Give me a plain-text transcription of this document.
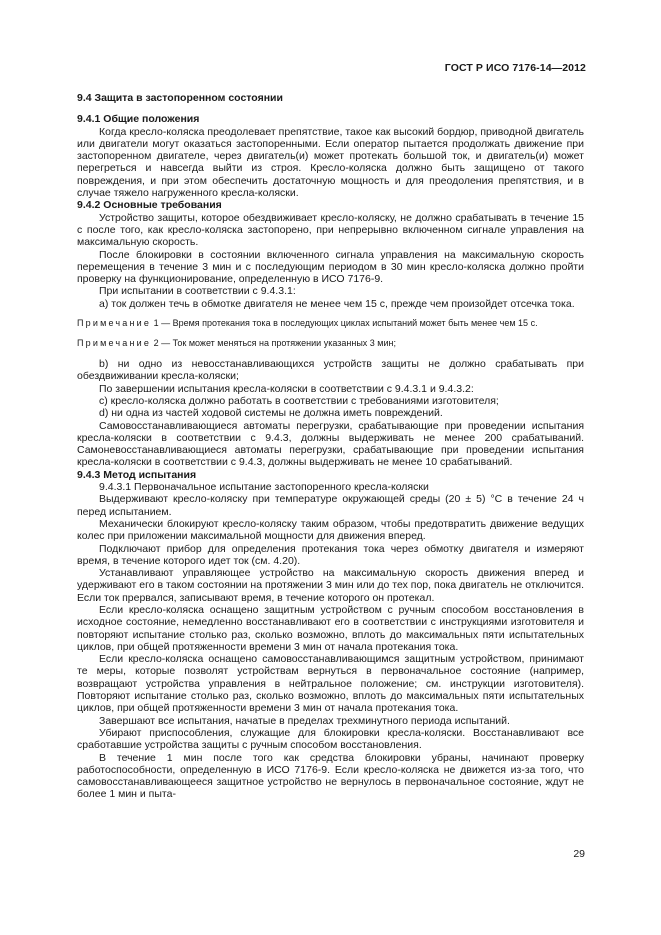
ГОСТ Р ИСО 7176-14—2012
9.4 Защита в застопоренном состоянии
9.4.1 Общие положения

Когда кресло-коляска преодолевает препятствие, такое как высокий бордюр, приводной двигатель или двигатели могут оказаться застопоренными. Если оператор пытается продолжать движение при застопоренном двигателе, через двигатель(и) может протекать большой ток, и двигатель(и) может перегреться и навсегда выйти из строя. Кресло-коляска должно быть защищено от такого повреждения, и при этом обеспечить достаточную мощность и для преодоления препятствия, и в случае тяжело нагруженного кресла-коляски.

9.4.2 Основные требования

Устройство защиты, которое обездвиживает кресло-коляску, не должно срабатывать в течение 15 с после того, как кресло-коляска застопорено, при непрерывно включенном сигнале управления на максимальную скорость.

После блокировки в состоянии включенного сигнала управления на максимальную скорость перемещения в течение 3 мин и с последующим периодом в 30 мин кресло-коляска должно пройти проверку на функционирование, определенную в ИСО 7176-9.

При испытании в соответствии с 9.4.3.1:

а) ток должен течь в обмотке двигателя не менее чем 15 с, прежде чем произойдет отсечка тока.

Примечание 1 — Время протекания тока в последующих циклах испытаний может быть менее чем 15 с.

Примечание 2 — Ток может меняться на протяжении указанных 3 мин;

b) ни одно из невосстанавливающихся устройств защиты не должно срабатывать при обездвиживании кресла-коляски;

По завершении испытания кресла-коляски в соответствии с 9.4.3.1 и 9.4.3.2:

с) кресло-коляска должно работать в соответствии с требованиями изготовителя;

d) ни одна из частей ходовой системы не должна иметь повреждений.

Самовосстанавливающиеся автоматы перегрузки, срабатывающие при проведении испытания кресла-коляски в соответствии с 9.4.3, должны выдерживать не менее 200 срабатываний. Самоневосстанавливающиеся автоматы перегрузки, срабатывающие при проведении испытания кресла-коляски в соответствии с 9.4.3, должны выдерживать не менее 10 срабатываний.

9.4.3 Метод испытания

9.4.3.1 Первоначальное испытание застопоренного кресла-коляски

Выдерживают кресло-коляску при температуре окружающей среды (20 ± 5) °С в течение 24 ч перед испытанием.

Механически блокируют кресло-коляску таким образом, чтобы предотвратить движение ведущих колес при приложении максимальной мощности для движения вперед.

Подключают прибор для определения протекания тока через обмотку двигателя и измеряют время, в течение которого идет ток (см. 4.20).

Устанавливают управляющее устройство на максимальную скорость движения вперед и удерживают его в таком состоянии на протяжении 3 мин или до тех пор, пока двигатель не отключится. Если ток прервался, записывают время, в течение которого он протекал.

Если кресло-коляска оснащено защитным устройством с ручным способом восстановления в исходное состояние, немедленно восстанавливают его в соответствии с инструкциями изготовителя и повторяют испытание столько раз, сколько возможно, вплоть до максимальных пяти испытательных циклов, при общей протяженности времени 3 мин от начала протекания тока.

Если кресло-коляска оснащено самовосстанавливающимся защитным устройством, принимают те меры, которые позволят устройствам вернуться в первоначальное состояние (например, возвращают устройства управления в нейтральное положение; см. инструкции изготовителя). Повторяют испытание столько раз, сколько возможно, вплоть до максимальных пяти испытательных циклов, при общей протяженности времени 3 мин от начала протекания тока.

Завершают все испытания, начатые в пределах трехминутного периода испытаний.

Убирают приспособления, служащие для блокировки кресла-коляски. Восстанавливают все сработавшие устройства защиты с ручным способом восстановления.

В течение 1 мин после того как средства блокировки убраны, начинают проверку работоспособности, определенную в ИСО 7176-9. Если кресло-коляска не движется из-за того, что самовосстанавливающееся защитное устройство не вернулось в первоначальное состояние, ждут не более 1 мин и пыта-

29
